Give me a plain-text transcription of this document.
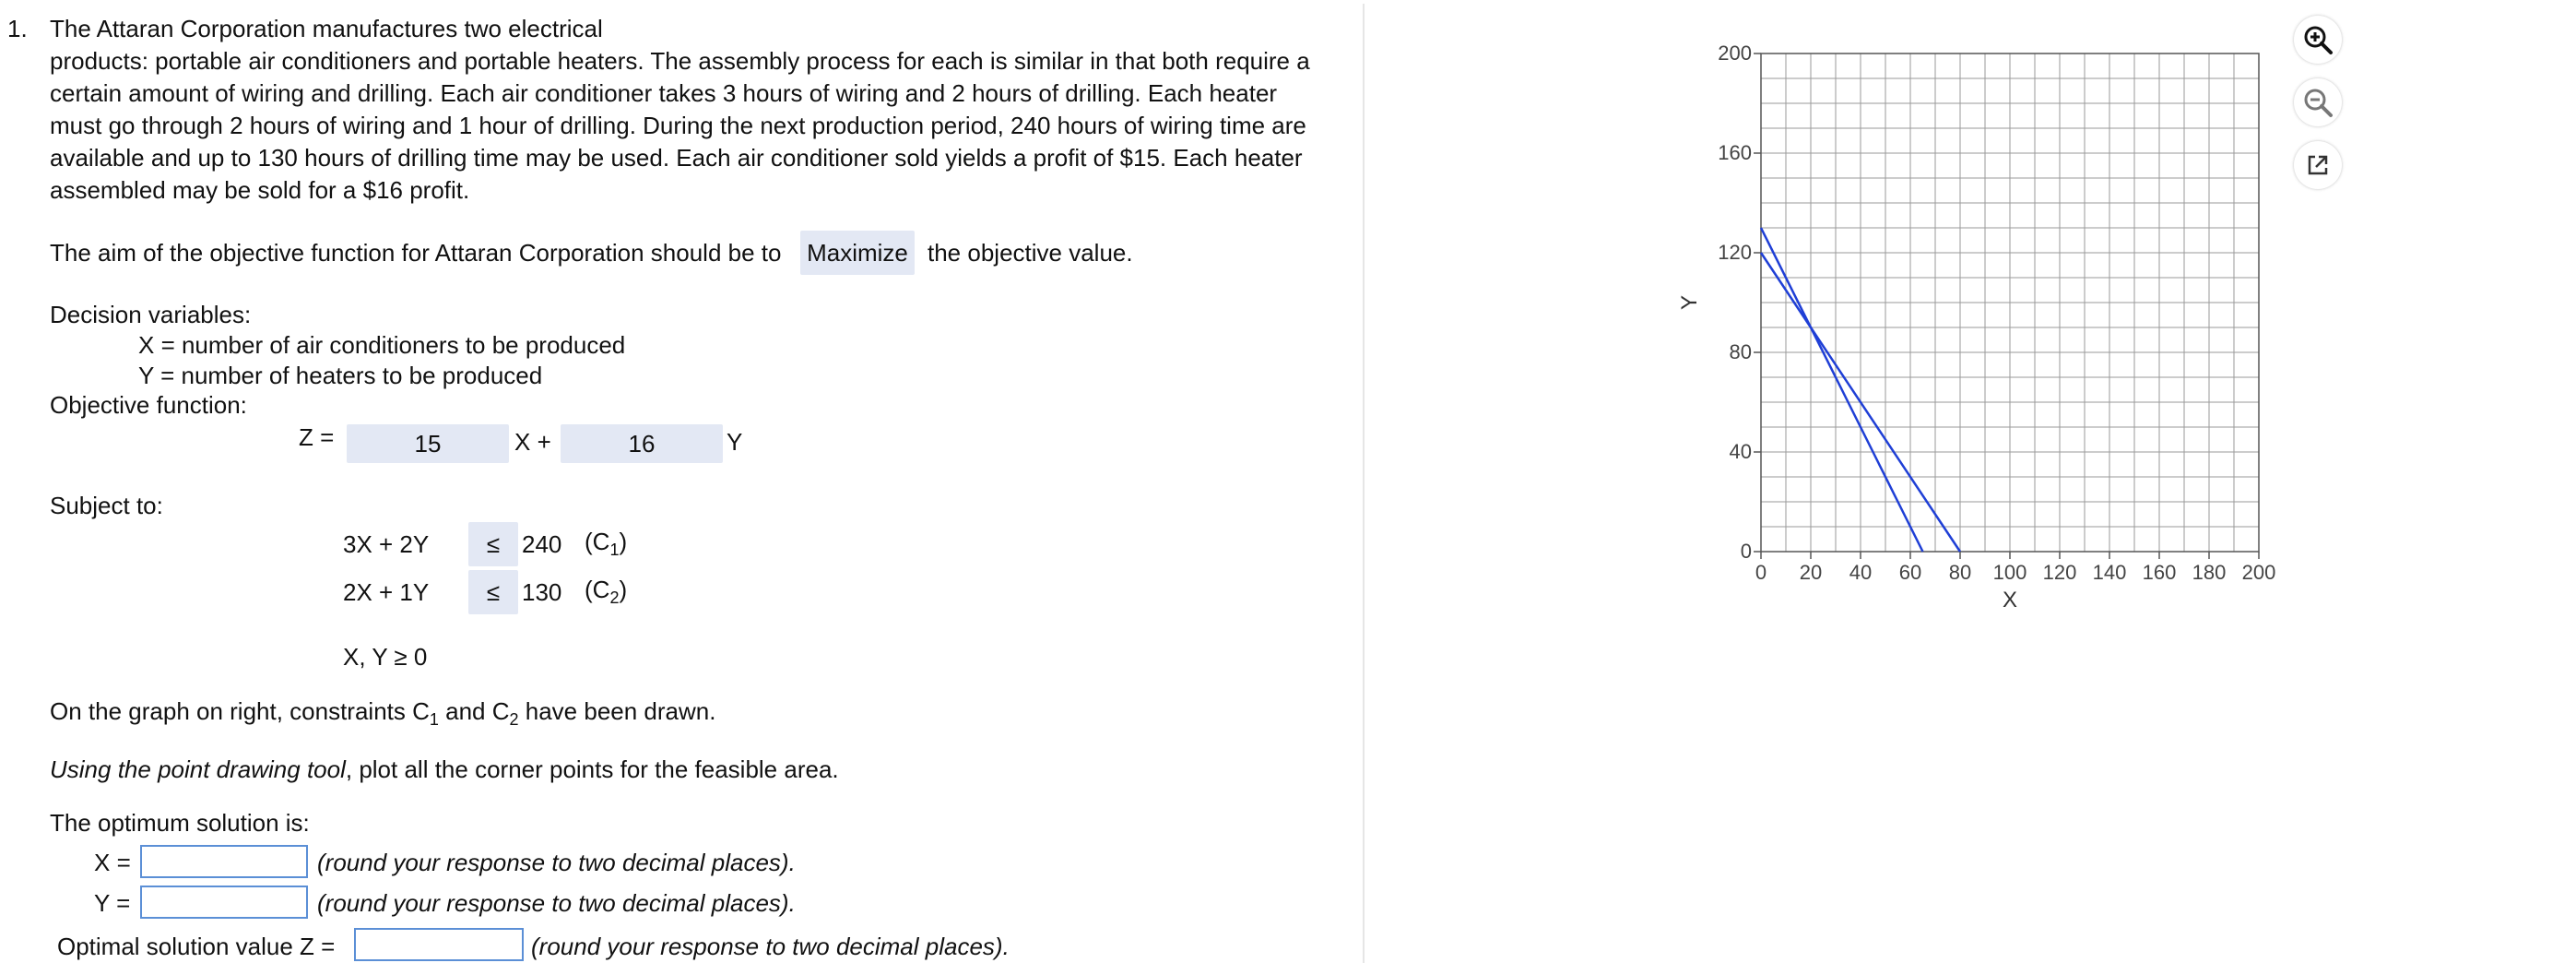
1. The Attaran Corporation manufactures two electrical
products: portable air conditioners and portable heaters. The assembly process for each is similar in that both require a
certain amount of wiring and drilling. Each air conditioner takes 3 hours of wiring and 2 hours of drilling. Each heater
must go through 2 hours of wiring and 1 hour of drilling. During the next production period, 240 hours of wiring time are
available and up to 130 hours of drilling time may be used. Each air conditioner sold yields a profit of $15. Each heater
assembled may be sold for a $16 profit.
The aim of the objective function for Attaran Corporation should be to Maximize the objective value.
Decision variables:
X = number of air conditioners to be produced
Y = number of heaters to be produced
Objective function:
Z =	15	X +	16	Y
Subject to:
3X + 2Y	≤ 240 $(C_1)$
2X + 1Y	≤ 130 $(C_2)$
X, Y ≥ 0
On the graph on right, constraints $C_1$ and $C_2$ have been drawn.
Using the point drawing tool, plot all the corner points for the feasible area.
The optimum solution is:
X =	(round your response to two decimal places).
Y =	(round your response to two decimal places).
Optimal solution value Z =	(round your response to two decimal places).
0 20 40 60 80 100 120 140 160 180 200
0
40
80
120
160
200
X
Y
